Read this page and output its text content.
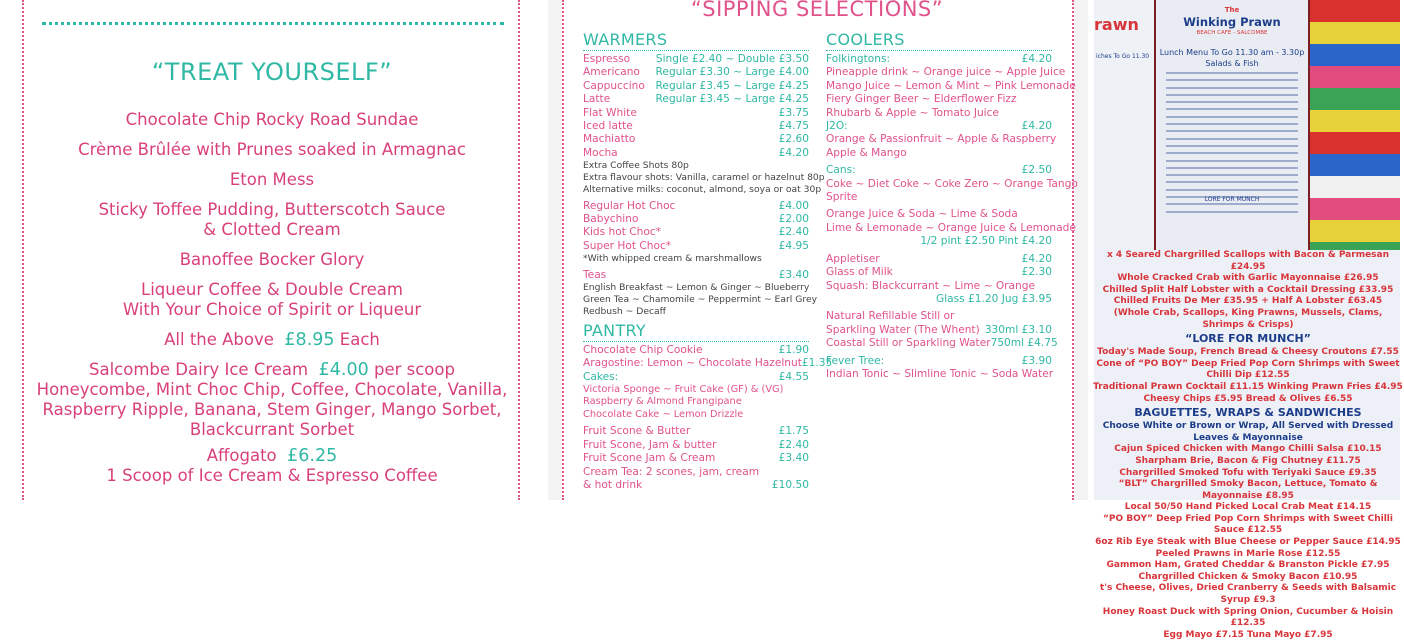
“TREAT YOURSELF”
Chocolate Chip Rocky Road Sundae
Crème Brûlée with Prunes soaked in Armagnac
Eton Mess
Sticky Toffee Pudding, Butterscotch Sauce
& Clotted Cream
Banoffee Bocker Glory
Liqueur Coffee & Double Cream
With Your Choice of Spirit or Liqueur
All the Above £8.95 Each
Salcombe Dairy Ice Cream £4.00 per scoop
Honeycombe, Mint Choc Chip, Coffee, Chocolate, Vanilla,
Raspberry Ripple, Banana, Stem Ginger, Mango Sorbet,
Blackcurrant Sorbet
Affogato £6.25
1 Scoop of Ice Cream & Espresso Coffee
“SIPPING SELECTIONS”
WARMERS
Espresso Single £2.40 ~ Double £3.50
Americano Regular £3.30 ~ Large £4.00
Cappuccino Regular £3.45 ~ Large £4.25
Latte	Regular £3.45 ~ Large £4.25
Flat White	£3.75
Iced latte	£4.75
Machiatto	£2.60
Mocha	£4.20
Extra Coffee Shots 80p
Extra flavour shots: Vanilla, caramel or hazelnut 80p
Alternative milks: coconut, almond, soya or oat 30p
Regular Hot Choc	£4.00
Babychino	£2.00
Kids hot Choc*	£2.40
Super Hot Choc*	£4.95
*With whipped cream & marshmallows
Teas	£3.40
English Breakfast ~ Lemon & Ginger ~ Blueberry
Green Tea ~ Chamomile ~ Peppermint ~ Earl Grey
Redbush ~ Decaff
PANTRY
Chocolate Chip Cookie	£1.90
Aragostine: Lemon ~ Chocolate Hazelnut £1.35
Cakes:	£4.55
Victoria Sponge ~ Fruit Cake (GF) & (VG)
Raspberry & Almond Frangipane
Chocolate Cake ~ Lemon Drizzle
Fruit Scone & Butter	£1.75
Fruit Scone, Jam & butter	£2.40
Fruit Scone Jam & Cream	£3.40
Cream Tea: 2 scones, jam, cream
& hot drink	£10.50
COOLERS
Folkingtons:	£4.20
Pineapple drink ~ Orange juice ~ Apple Juice
Mango Juice ~ Lemon & Mint ~ Pink Lemonade
Fiery Ginger Beer ~ Elderflower Fizz
Rhubarb & Apple ~ Tomato Juice
J2O:	£4.20
Orange & Passionfruit ~ Apple & Raspberry
Apple & Mango
Cans:	£2.50
Coke ~ Diet Coke ~ Coke Zero ~ Orange Tango
Sprite
Orange Juice & Soda ~ Lime & Soda
Lime & Lemonade ~ Orange Juice & Lemonade
1/2 pint £2.50 Pint £4.20
Appletiser	£4.20
Glass of Milk	£2.30
Squash: Blackcurrant ~ Lime ~ Orange
Glass £1.20 Jug £3.95
Natural Refillable Still or
Sparkling Water (The Whent) 330ml £3.10
Coastal Still or Sparkling Water 750ml £4.75
Fever Tree:	£3.90
Indian Tonic ~ Slimline Tonic ~ Soda Water
rawn
iches To Go 11.30
The
Winking Prawn
BEACH CAFE - SALCOMBE
Lunch Menu To Go 11.30 am - 3.30p
Salads & Fish
LORE FOR MUNCH
x 4 Seared Chargrilled Scallops with Bacon & Parmesan £24.95
Whole Cracked Crab with Garlic Mayonnaise £26.95
Chilled Split Half Lobster with a Cocktail Dressing £33.95
Chilled Fruits De Mer £35.95 + Half A Lobster £63.45
(Whole Crab, Scallops, King Prawns, Mussels, Clams, Shrimps & Crisps)
“LORE FOR MUNCH”
Today's Made Soup, French Bread & Cheesy Croutons £7.55
Cone of “PO BOY” Deep Fried Pop Corn Shrimps with Sweet Chilli Dip £12.55
Traditional Prawn Cocktail £11.15 Winking Prawn Fries £4.95
Cheesy Chips £5.95 Bread & Olives £6.55
BAGUETTES, WRAPS & SANDWICHES
Choose White or Brown or Wrap, All Served with Dressed Leaves & Mayonnaise
Cajun Spiced Chicken with Mango Chilli Salsa £10.15
Sharpham Brie, Bacon & Fig Chutney £11.75
Chargrilled Smoked Tofu with Teriyaki Sauce £9.35
“BLT” Chargrilled Smoky Bacon, Lettuce, Tomato & Mayonnaise £8.95
Local 50/50 Hand Picked Local Crab Meat £14.15
“PO BOY” Deep Fried Pop Corn Shrimps with Sweet Chilli Sauce £12.55
6oz Rib Eye Steak with Blue Cheese or Pepper Sauce £14.95
Peeled Prawns in Marie Rose £12.55
Gammon Ham, Grated Cheddar & Branston Pickle £7.95
Chargrilled Chicken & Smoky Bacon £10.95
t's Cheese, Olives, Dried Cranberry & Seeds with Balsamic Syrup £9.3
Honey Roast Duck with Spring Onion, Cucumber & Hoisin £12.35
Egg Mayo £7.15 Tuna Mayo £7.95
